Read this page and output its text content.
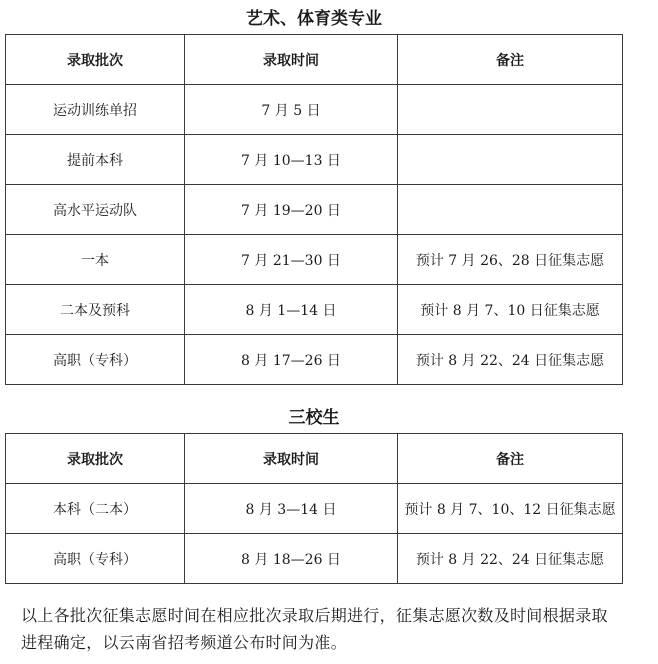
艺术、体育类专业
录取批次	录取时间	备注
运动训练单招	7 月 5 日	
提前本科	7 月 10—13 日	
高水平运动队	7 月 19—20 日	
一本	7 月 21—30 日	预计 7 月 26、28 日征集志愿
二本及预科	8 月 1—14 日	预计 8 月 7、10 日征集志愿
高职（专科）	8 月 17—26 日	预计 8 月 22、24 日征集志愿
三校生
录取批次	录取时间	备注
本科（二本）	8 月 3—14 日	预计 8 月 7、10、12 日征集志愿
高职（专科）	8 月 18—26 日	预计 8 月 22、24 日征集志愿
以上各批次征集志愿时间在相应批次录取后期进行，征集志愿次数及时间根据录取进程确定，以云南省招考频道公布时间为准。
